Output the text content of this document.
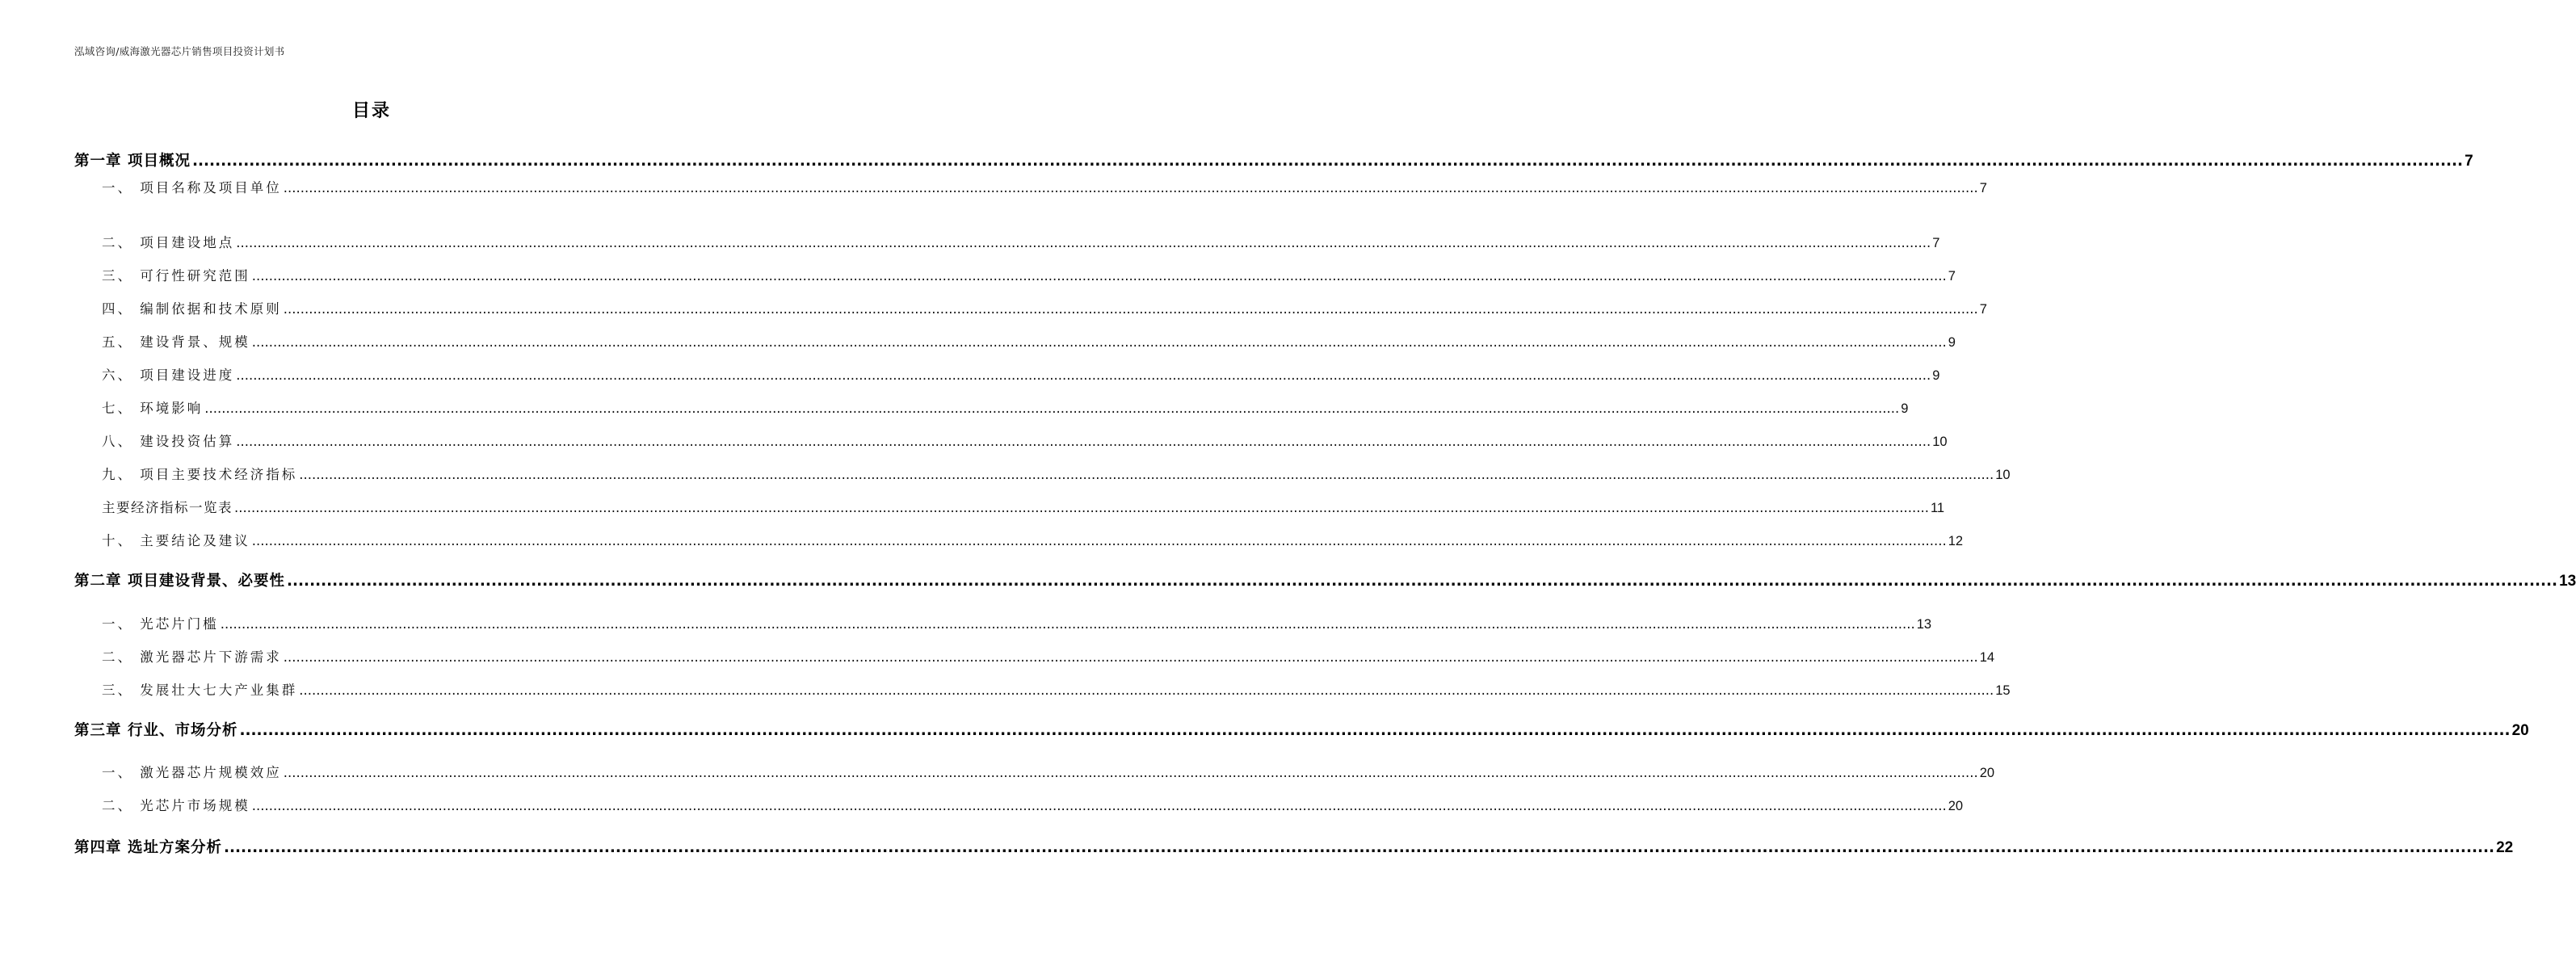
泓域咨询/威海激光器芯片销售项目投资计划书
目录
第一章 项目概况 ................................................................................................................................................................................................................................................................................................................................................................................................................ 7
一、 项目名称及项目单位 ................................................................................................................................................................................................................................................................................................................................................................................................................ 7
二、 项目建设地点 ................................................................................................................................................................................................................................................................................................................................................................................................................ 7
三、 可行性研究范围 ................................................................................................................................................................................................................................................................................................................................................................................................................ 7
四、 编制依据和技术原则 ................................................................................................................................................................................................................................................................................................................................................................................................................ 7
五、 建设背景、规模 ................................................................................................................................................................................................................................................................................................................................................................................................................ 9
六、 项目建设进度 ................................................................................................................................................................................................................................................................................................................................................................................................................ 9
七、 环境影响 ................................................................................................................................................................................................................................................................................................................................................................................................................ 9
八、 建设投资估算 ................................................................................................................................................................................................................................................................................................................................................................................................................ 10
九、 项目主要技术经济指标 ................................................................................................................................................................................................................................................................................................................................................................................................................ 10
主要经济指标一览表 ................................................................................................................................................................................................................................................................................................................................................................................................................ 11
十、 主要结论及建议 ................................................................................................................................................................................................................................................................................................................................................................................................................ 12
第二章 项目建设背景、必要性 ................................................................................................................................................................................................................................................................................................................................................................................................................ 13
一、 光芯片门槛 ................................................................................................................................................................................................................................................................................................................................................................................................................ 13
二、 激光器芯片下游需求 ................................................................................................................................................................................................................................................................................................................................................................................................................ 14
三、 发展壮大七大产业集群 ................................................................................................................................................................................................................................................................................................................................................................................................................ 15
第三章 行业、市场分析 ................................................................................................................................................................................................................................................................................................................................................................................................................ 20
一、 激光器芯片规模效应 ................................................................................................................................................................................................................................................................................................................................................................................................................ 20
二、 光芯片市场规模 ................................................................................................................................................................................................................................................................................................................................................................................................................ 20
第四章 选址方案分析 ................................................................................................................................................................................................................................................................................................................................................................................................................ 22
